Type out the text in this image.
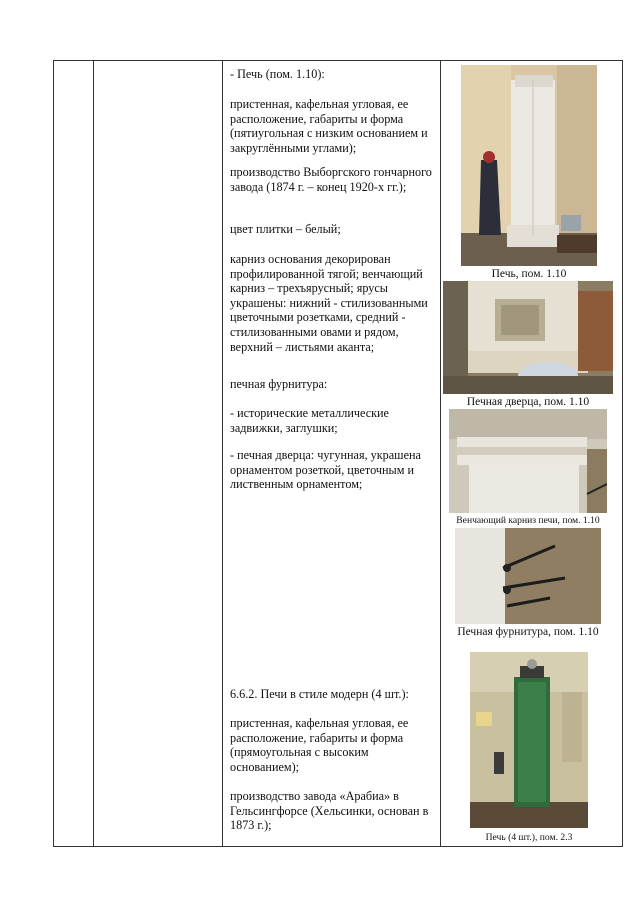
- Печь (пом. 1.10):
пристенная, кафельная угловая, ее расположение, габариты и форма (пятиугольная с низким основанием и закруглёнными углами);
производство Выборгского гончарного завода (1874 г. – конец 1920-х гг.);
цвет плитки – белый;
карниз основания декорирован профилированной тягой; венчающий карниз – трехъярусный; ярусы украшены: нижний - стилизованными цветочными розетками, средний - стилизованными овами и рядом, верхний – листьями аканта;
печная фурнитура:
- исторические металлические задвижки, заглушки;
- печная дверца: чугунная, украшена орнаментом розеткой, цветочным и лиственным орнаментом;
6.6.2. Печи в стиле модерн (4 шт.):
пристенная, кафельная угловая, ее расположение, габариты и форма (прямоугольная с высоким основанием);
производство завода «Арабиа» в Гельсингфорсе (Хельсинки, основан в 1873 г.);
Печь, пом. 1.10
Печная дверца, пом. 1.10
Венчающий карниз печи, пом. 1.10
Печная фурнитура, пом. 1.10
Печь (4 шт.), пом. 2.3
